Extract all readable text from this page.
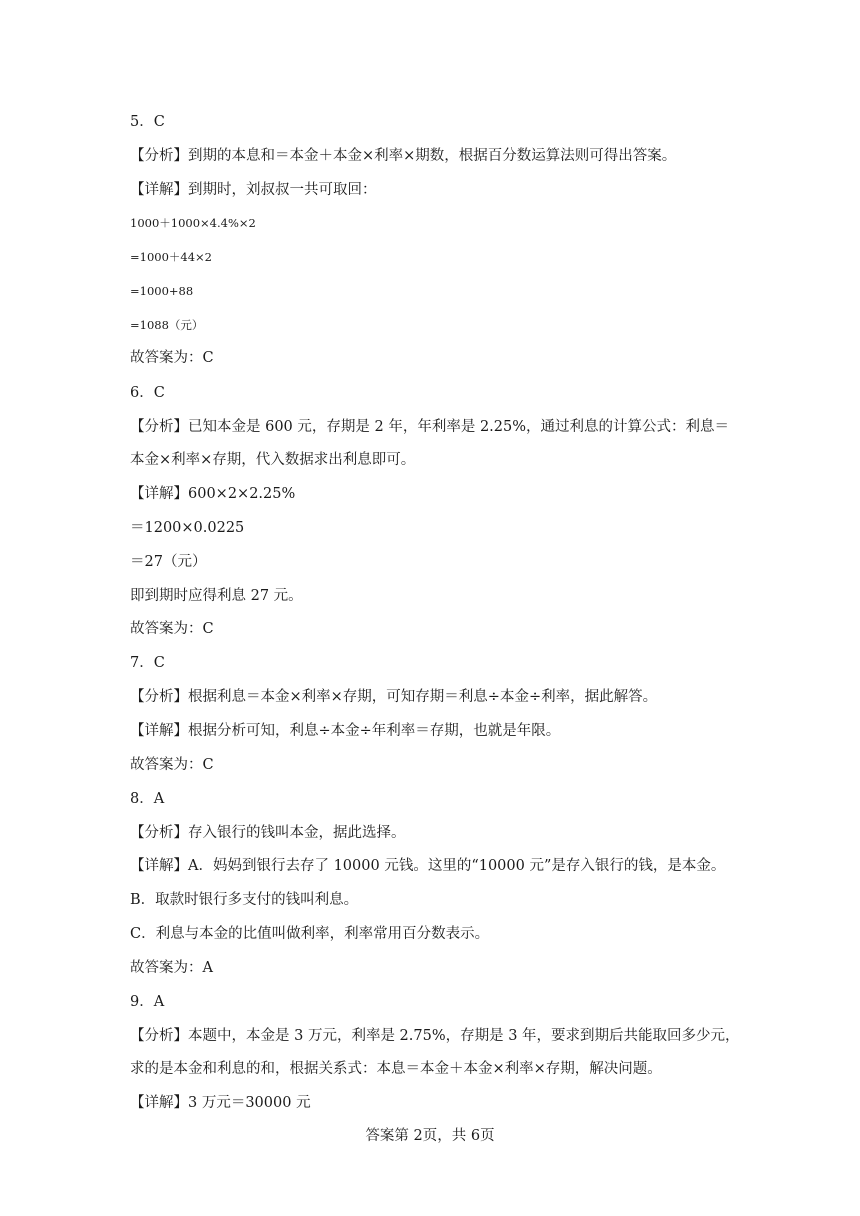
5．C
【分析】到期的本息和＝本金＋本金×利率×期数，根据百分数运算法则可得出答案。
【详解】到期时，刘叔叔一共可取回：
1000＋1000×4.4%×2
=1000＋44×2
=1000+88
=1088（元）
故答案为：C
6．C
【分析】已知本金是 600 元，存期是 2 年，年利率是 2.25%，通过利息的计算公式：利息＝
本金×利率×存期，代入数据求出利息即可。
【详解】600×2×2.25%
＝1200×0.0225
＝27（元）
即到期时应得利息 27 元。
故答案为：C
7．C
【分析】根据利息＝本金×利率×存期，可知存期＝利息÷本金÷利率，据此解答。
【详解】根据分析可知，利息÷本金÷年利率＝存期，也就是年限。
故答案为：C
8．A
【分析】存入银行的钱叫本金，据此选择。
【详解】A．妈妈到银行去存了 10000 元钱。这里的“10000 元”是存入银行的钱，是本金。
B．取款时银行多支付的钱叫利息。
C．利息与本金的比值叫做利率，利率常用百分数表示。
故答案为：A
9．A
【分析】本题中，本金是 3 万元，利率是 2.75%，存期是 3 年，要求到期后共能取回多少元，
求的是本金和利息的和，根据关系式：本息＝本金＋本金×利率×存期，解决问题。
【详解】3 万元＝30000 元
答案第 2页，共 6页
